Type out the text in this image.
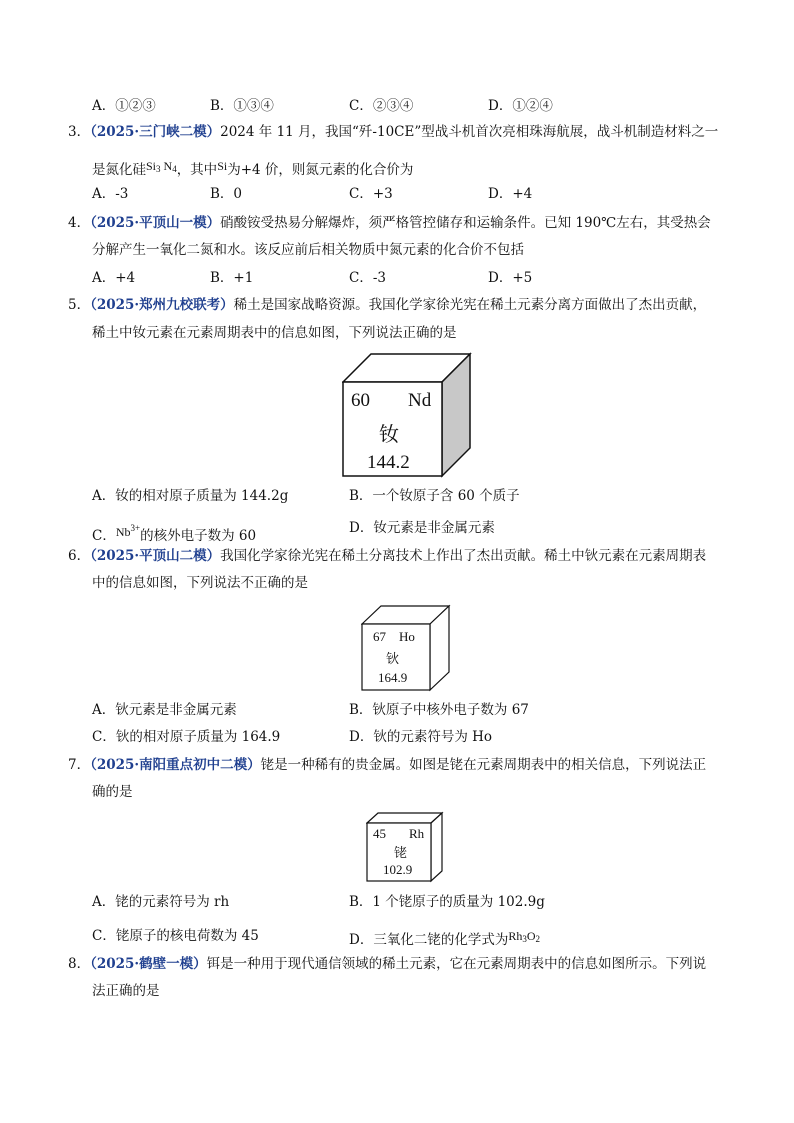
A．①②③	B．①③④	C．②③④	D．①②④
3．（2025·三门峡二模）2024 年 11 月，我国“歼-10CE”型战斗机首次亮相珠海航展，战斗机制造材料之一
是氮化硅$Si_3$ $N_4$，其中Si为+4 价，则氮元素的化合价为
A．-3	B．0	C．+3	D．+4
4．（2025·平顶山一模）硝酸铵受热易分解爆炸，须严格管控储存和运输条件。已知 190℃左右，其受热会
分解产生一氧化二氮和水。该反应前后相关物质中氮元素的化合价不包括
A．+4	B．+1	C．-3	D．+5
5．（2025·郑州九校联考）稀土是国家战略资源。我国化学家徐光宪在稀土元素分离方面做出了杰出贡献，
稀土中钕元素在元素周期表中的信息如图，下列说法正确的是
60 Nd
钕
144.2
A．钕的相对原子质量为 144.2g	B．一个钕原子含 60 个质子
C．$Nb^{3+}$的核外电子数为 60	D．钕元素是非金属元素
6．（2025·平顶山二模）我国化学家徐光宪在稀土分离技术上作出了杰出贡献。稀土中钬元素在元素周期表
中的信息如图，下列说法不正确的是
67 Ho
钬
164.9
A．钬元素是非金属元素	B．钬原子中核外电子数为 67
C．钬的相对原子质量为 164.9	D．钬的元素符号为 Ho
7．（2025·南阳重点初中二模）铑是一种稀有的贵金属。如图是铑在元素周期表中的相关信息，下列说法正
确的是
45 Rh
铑
102.9
A．铑的元素符号为 rh	B．1 个铑原子的质量为 102.9g
C．铑原子的核电荷数为 45	D．三氧化二铑的化学式为$Rh_3O_2$
8．（2025·鹤壁一模）铒是一种用于现代通信领域的稀土元素，它在元素周期表中的信息如图所示。下列说
法正确的是
